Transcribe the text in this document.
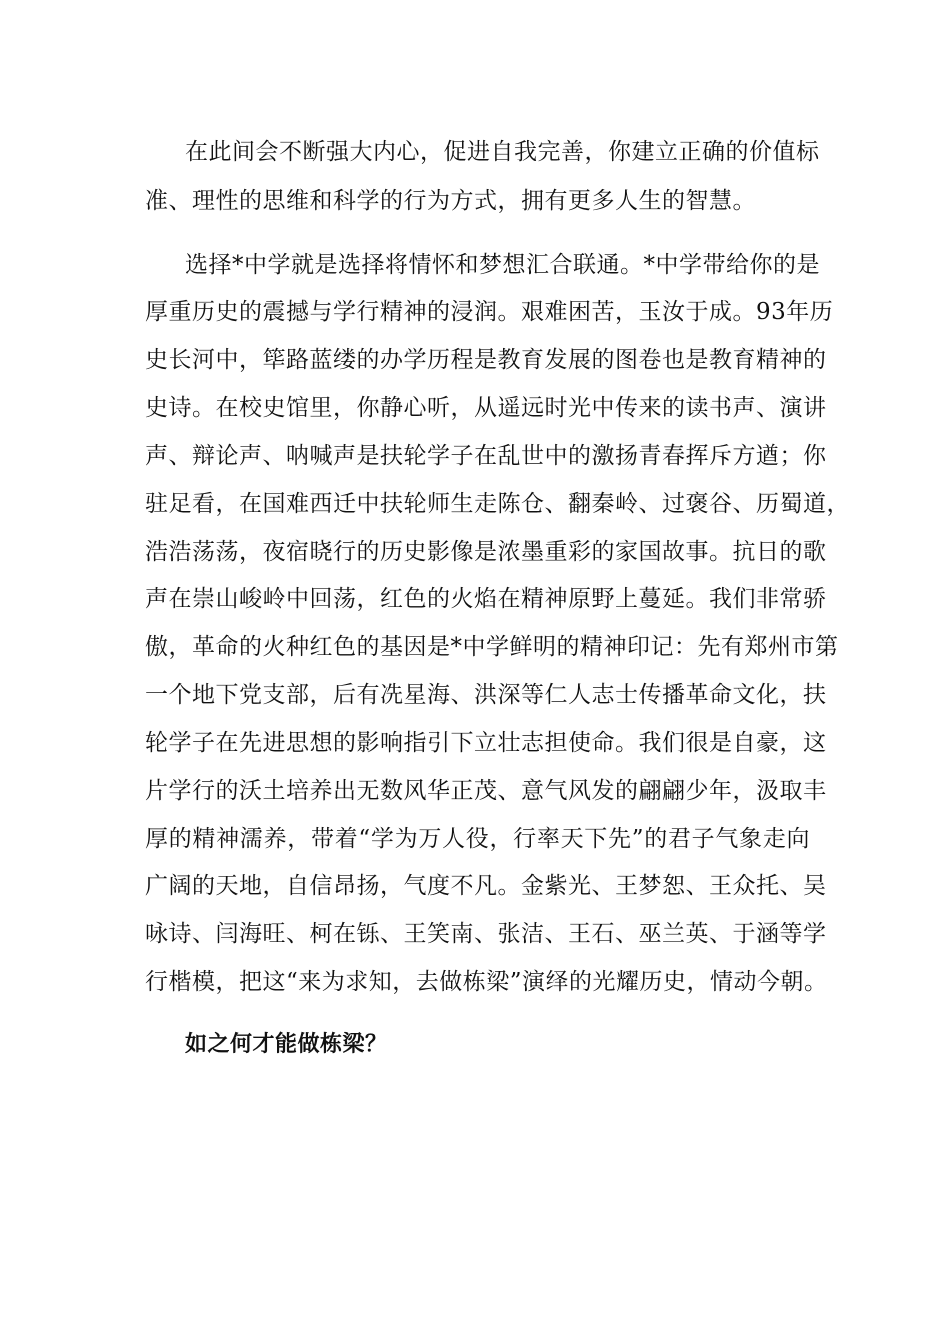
在此间会不断强大内心，促进自我完善，你建立正确的价值标
准、理性的思维和科学的行为方式，拥有更多人生的智慧。
选择*中学就是选择将情怀和梦想汇合联通。*中学带给你的是
厚重历史的震撼与学行精神的浸润。艰难困苦，玉汝于成。93年历
史长河中，筚路蓝缕的办学历程是教育发展的图卷也是教育精神的
史诗。在校史馆里，你静心听，从遥远时光中传来的读书声、演讲
声、辩论声、呐喊声是扶轮学子在乱世中的激扬青春挥斥方遒；你
驻足看，在国难西迁中扶轮师生走陈仓、翻秦岭、过褒谷、历蜀道，
浩浩荡荡，夜宿晓行的历史影像是浓墨重彩的家国故事。抗日的歌
声在崇山峻岭中回荡，红色的火焰在精神原野上蔓延。我们非常骄
傲，革命的火种红色的基因是*中学鲜明的精神印记：先有郑州市第
一个地下党支部，后有冼星海、洪深等仁人志士传播革命文化，扶
轮学子在先进思想的影响指引下立壮志担使命。我们很是自豪，这
片学行的沃土培养出无数风华正茂、意气风发的翩翩少年，汲取丰
厚的精神濡养，带着“学为万人役，行率天下先”的君子气象走向
广阔的天地，自信昂扬，气度不凡。金紫光、王梦恕、王众托、吴
咏诗、闫海旺、柯在铄、王笑南、张洁、王石、巫兰英、于涵等学
行楷模，把这“来为求知，去做栋梁”演绎的光耀历史，情动今朝。
如之何才能做栋梁？
